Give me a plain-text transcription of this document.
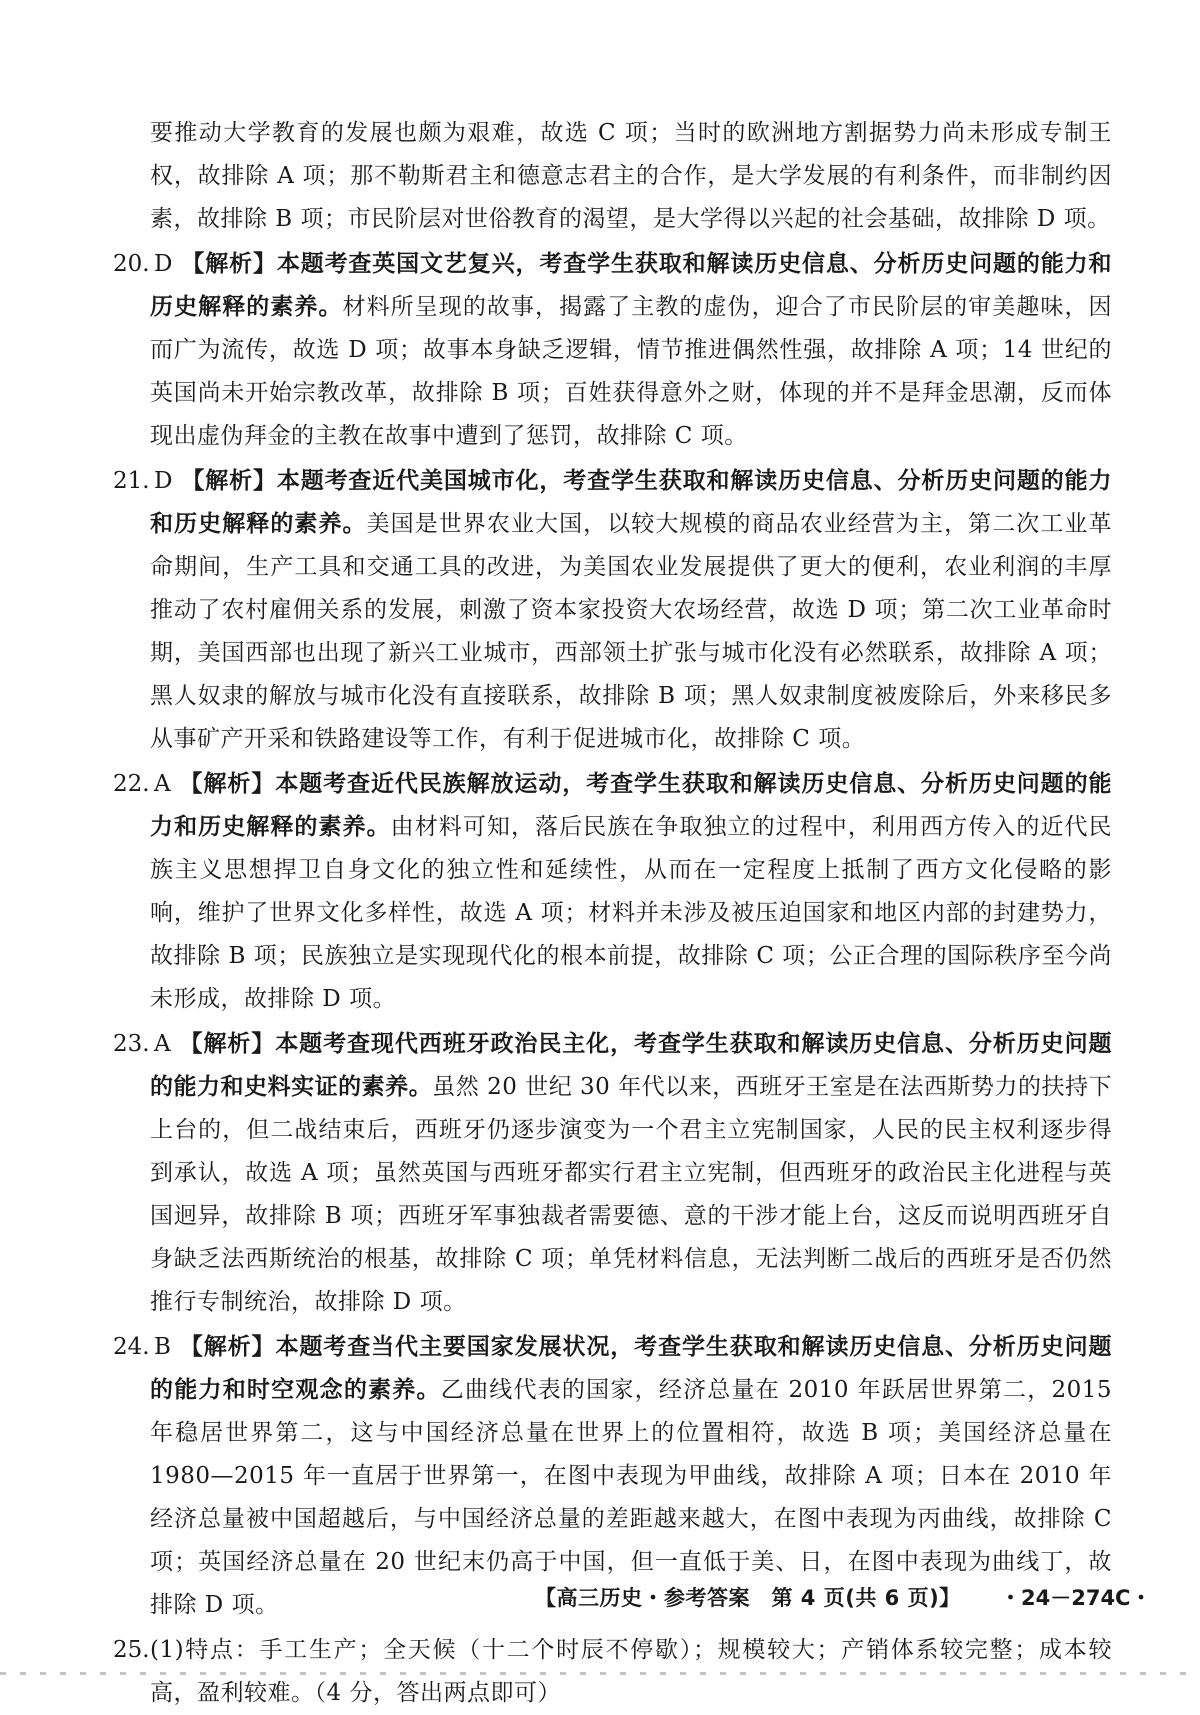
要推动大学教育的发展也颇为艰难，故选 C 项；当时的欧洲地方割据势力尚未形成专制王权，故排除 A 项；那不勒斯君主和德意志君主的合作，是大学发展的有利条件，而非制约因素，故排除 B 项；市民阶层对世俗教育的渴望，是大学得以兴起的社会基础，故排除 D 项。

20. D 【解析】本题考查英国文艺复兴，考查学生获取和解读历史信息、分析历史问题的能力和历史解释的素养。材料所呈现的故事，揭露了主教的虚伪，迎合了市民阶层的审美趣味，因而广为流传，故选 D 项；故事本身缺乏逻辑，情节推进偶然性强，故排除 A 项；14 世纪的英国尚未开始宗教改革，故排除 B 项；百姓获得意外之财，体现的并不是拜金思潮，反而体现出虚伪拜金的主教在故事中遭到了惩罚，故排除 C 项。
21. D 【解析】本题考查近代美国城市化，考查学生获取和解读历史信息、分析历史问题的能力和历史解释的素养。美国是世界农业大国，以较大规模的商品农业经营为主，第二次工业革命期间，生产工具和交通工具的改进，为美国农业发展提供了更大的便利，农业利润的丰厚推动了农村雇佣关系的发展，刺激了资本家投资大农场经营，故选 D 项；第二次工业革命时期，美国西部也出现了新兴工业城市，西部领土扩张与城市化没有必然联系，故排除 A 项；黑人奴隶的解放与城市化没有直接联系，故排除 B 项；黑人奴隶制度被废除后，外来移民多从事矿产开采和铁路建设等工作，有利于促进城市化，故排除 C 项。
22. A 【解析】本题考查近代民族解放运动，考查学生获取和解读历史信息、分析历史问题的能力和历史解释的素养。由材料可知，落后民族在争取独立的过程中，利用西方传入的近代民族主义思想捍卫自身文化的独立性和延续性，从而在一定程度上抵制了西方文化侵略的影响，维护了世界文化多样性，故选 A 项；材料并未涉及被压迫国家和地区内部的封建势力，故排除 B 项；民族独立是实现现代化的根本前提，故排除 C 项；公正合理的国际秩序至今尚未形成，故排除 D 项。
23. A 【解析】本题考查现代西班牙政治民主化，考查学生获取和解读历史信息、分析历史问题的能力和史料实证的素养。虽然 20 世纪 30 年代以来，西班牙王室是在法西斯势力的扶持下上台的，但二战结束后，西班牙仍逐步演变为一个君主立宪制国家，人民的民主权利逐步得到承认，故选 A 项；虽然英国与西班牙都实行君主立宪制，但西班牙的政治民主化进程与英国迥异，故排除 B 项；西班牙军事独裁者需要德、意的干涉才能上台，这反而说明西班牙自身缺乏法西斯统治的根基，故排除 C 项；单凭材料信息，无法判断二战后的西班牙是否仍然推行专制统治，故排除 D 项。
24. B 【解析】本题考查当代主要国家发展状况，考查学生获取和解读历史信息、分析历史问题的能力和时空观念的素养。乙曲线代表的国家，经济总量在 2010 年跃居世界第二，2015 年稳居世界第二，这与中国经济总量在世界上的位置相符，故选 B 项；美国经济总量在 1980—2015 年一直居于世界第一，在图中表现为甲曲线，故排除 A 项；日本在 2010 年经济总量被中国超越后，与中国经济总量的差距越来越大，在图中表现为丙曲线，故排除 C 项；英国经济总量在 20 世纪末仍高于中国，但一直低于美、日，在图中表现为曲线丁，故排除 D 项。
25. (1)特点：手工生产；全天候（十二个时辰不停歇）；规模较大；产销体系较完整；成本较高，盈利较难。（4 分，答出两点即可）
【高三历史・参考答案　第 4 页(共 6 页)】 ・24－274C・
